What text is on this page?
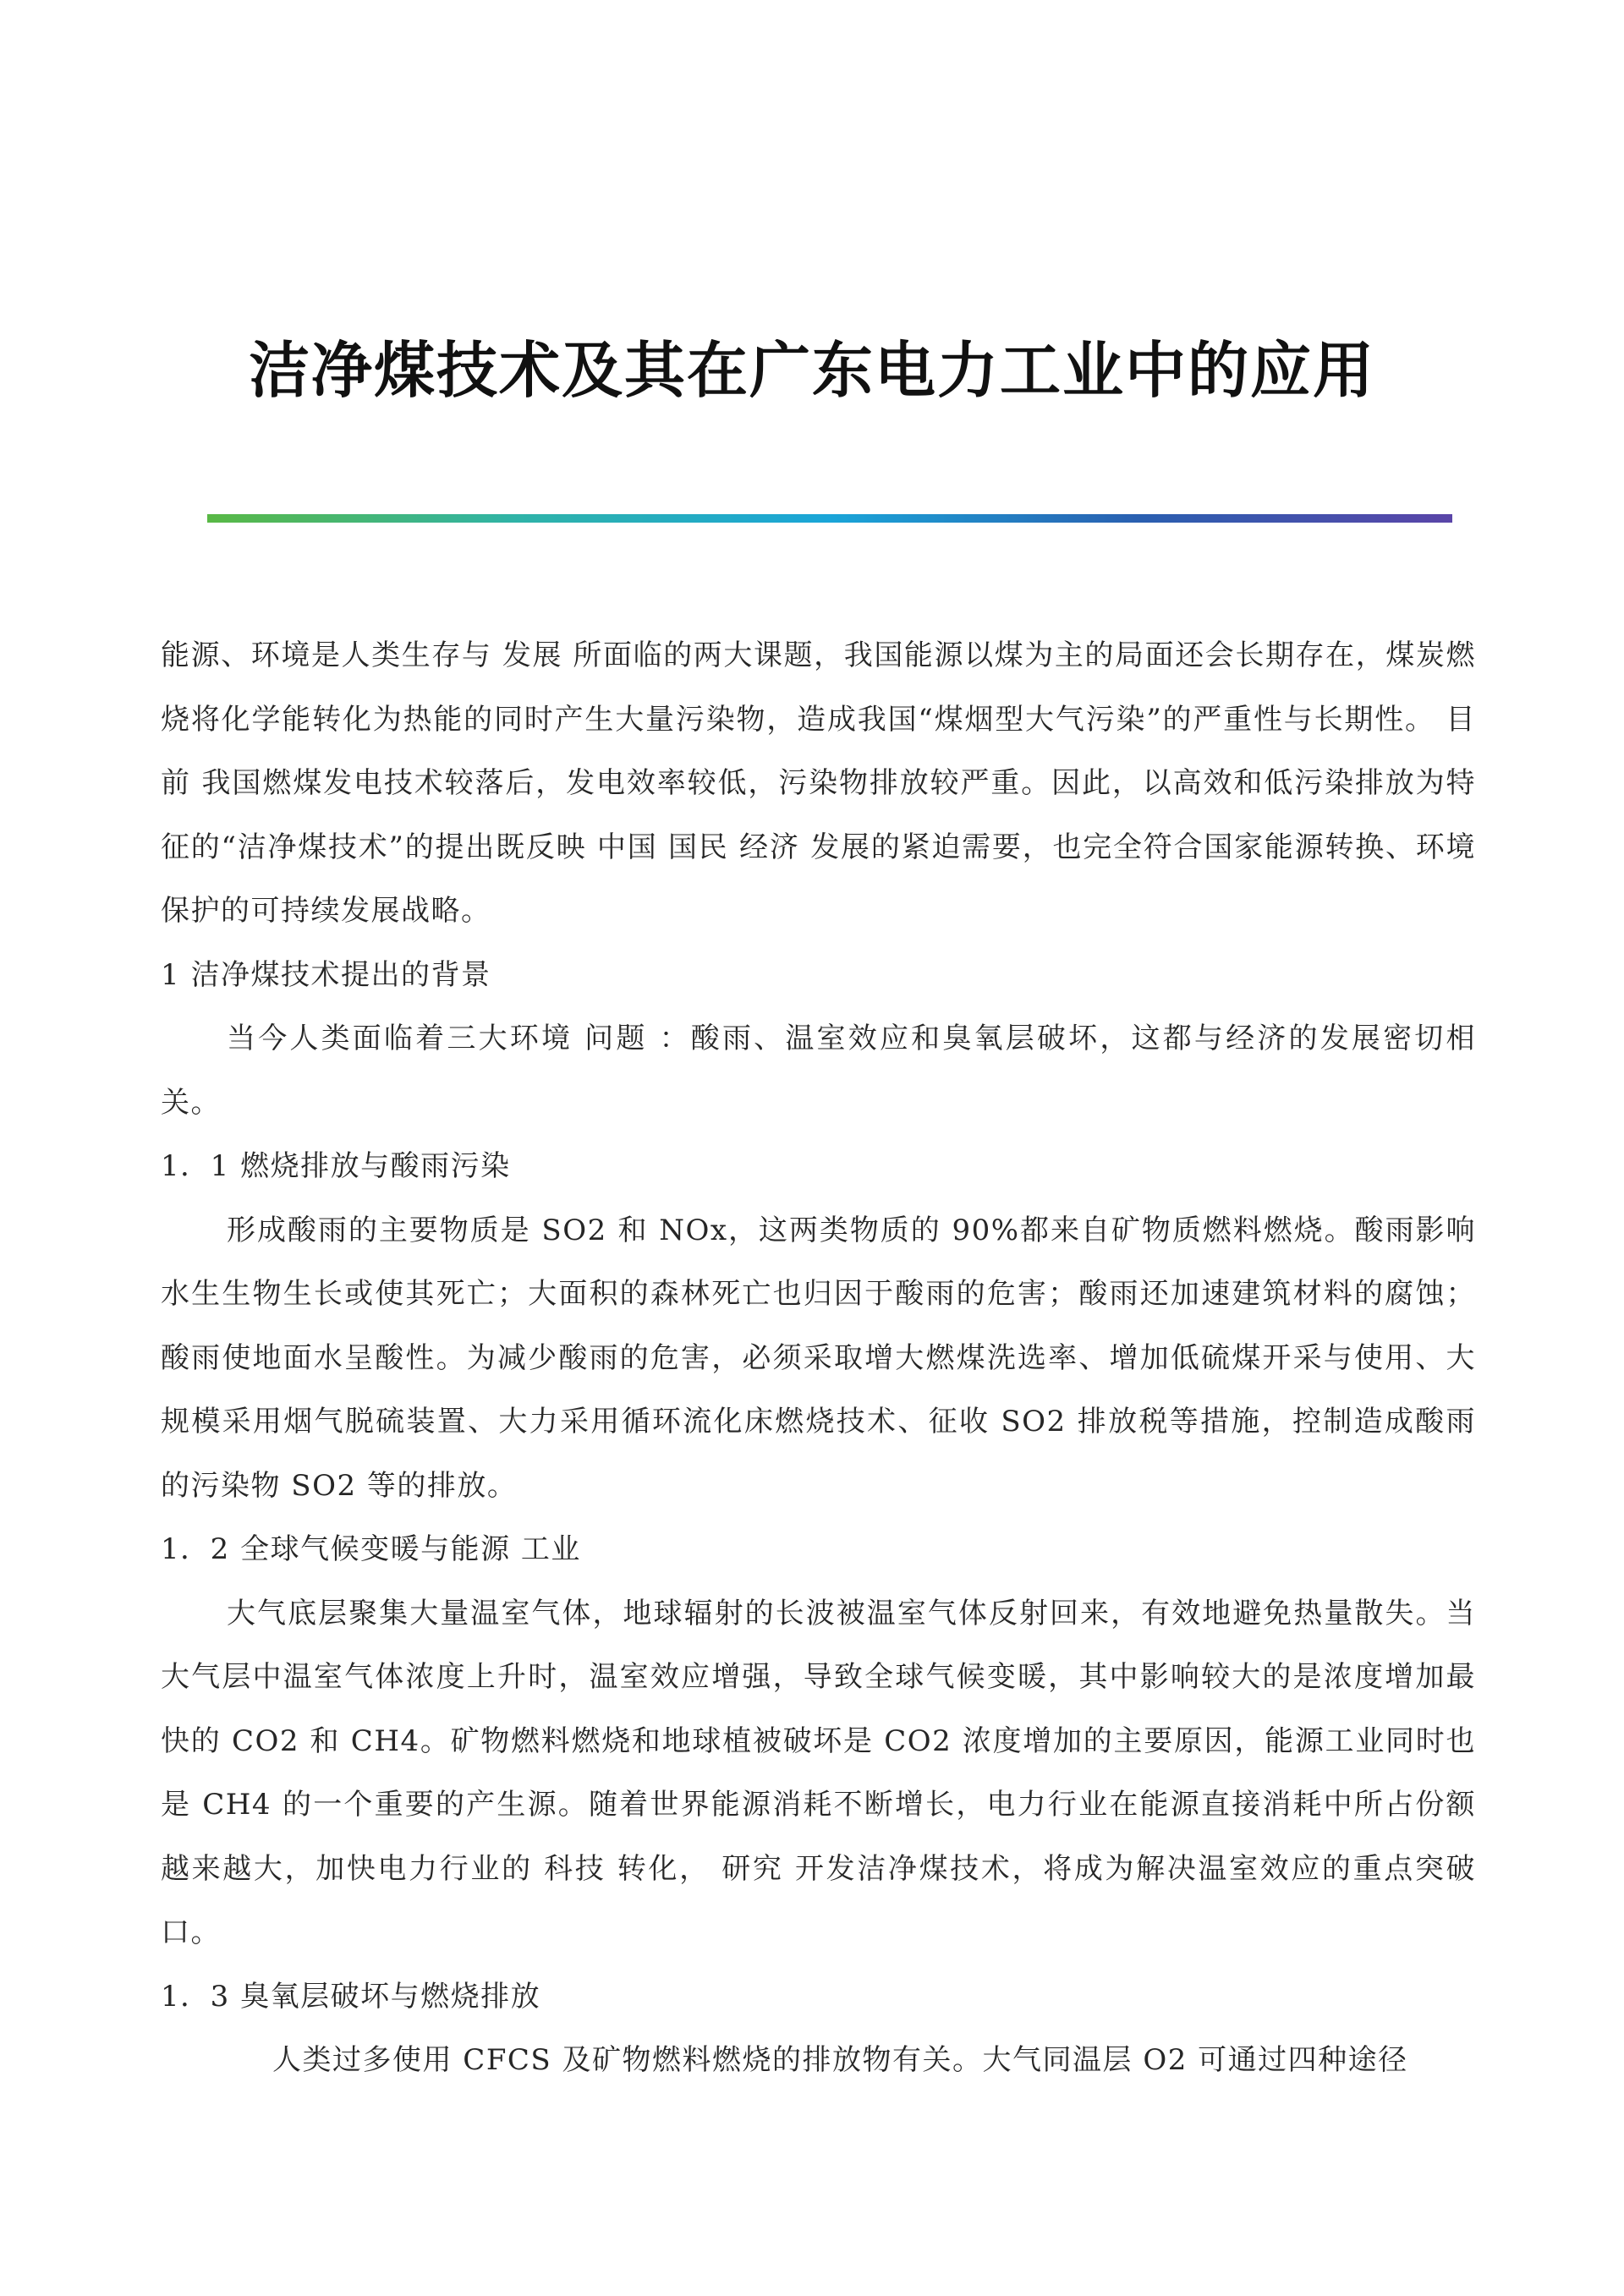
洁净煤技术及其在广东电力工业中的应用

能源、环境是人类生存与 发展 所面临的两大课题，我国能源以煤为主的局面还会长期存在，煤炭燃烧将化学能转化为热能的同时产生大量污染物，造成我国“煤烟型大气污染”的严重性与长期性。 目前 我国燃煤发电技术较落后，发电效率较低，污染物排放较严重。因此，以高效和低污染排放为特征的“洁净煤技术”的提出既反映 中国 国民 经济 发展的紧迫需要，也完全符合国家能源转换、环境保护的可持续发展战略。

1 洁净煤技术提出的背景

当今人类面临着三大环境 问题 ：酸雨、温室效应和臭氧层破坏，这都与经济的发展密切相关。

1．1 燃烧排放与酸雨污染

形成酸雨的主要物质是 SO2 和 NOx，这两类物质的 90%都来自矿物质燃料燃烧。酸雨影响 水生生物生长或使其死亡；大面积的森林死亡也归因于酸雨的危害；酸雨还加速建筑材料的腐蚀；酸雨使地面水呈酸性。为减少酸雨的危害，必须采取增大燃煤洗选率、增加低硫煤开采与使用、大规模采用烟气脱硫装置、大力采用循环流化床燃烧技术、征收 SO2 排放税等措施，控制造成酸雨的污染物 SO2 等的排放。

1．2 全球气候变暖与能源 工业

大气底层聚集大量温室气体，地球辐射的长波被温室气体反射回来，有效地避免热量散失。当大气层中温室气体浓度上升时，温室效应增强，导致全球气候变暖，其中影响较大的是浓度增加最快的 CO2 和 CH4。矿物燃料燃烧和地球植被破坏是 CO2 浓度增加的主要原因，能源工业同时也是 CH4 的一个重要的产生源。随着世界能源消耗不断增长，电力行业在能源直接消耗中所占份额越来越大，加快电力行业的 科技 转化， 研究 开发洁净煤技术，将成为解决温室效应的重点突破口。

1．3 臭氧层破坏与燃烧排放

人类过多使用 CFCS 及矿物燃料燃烧的排放物有关。大气同温层 O2 可通过四种途径
